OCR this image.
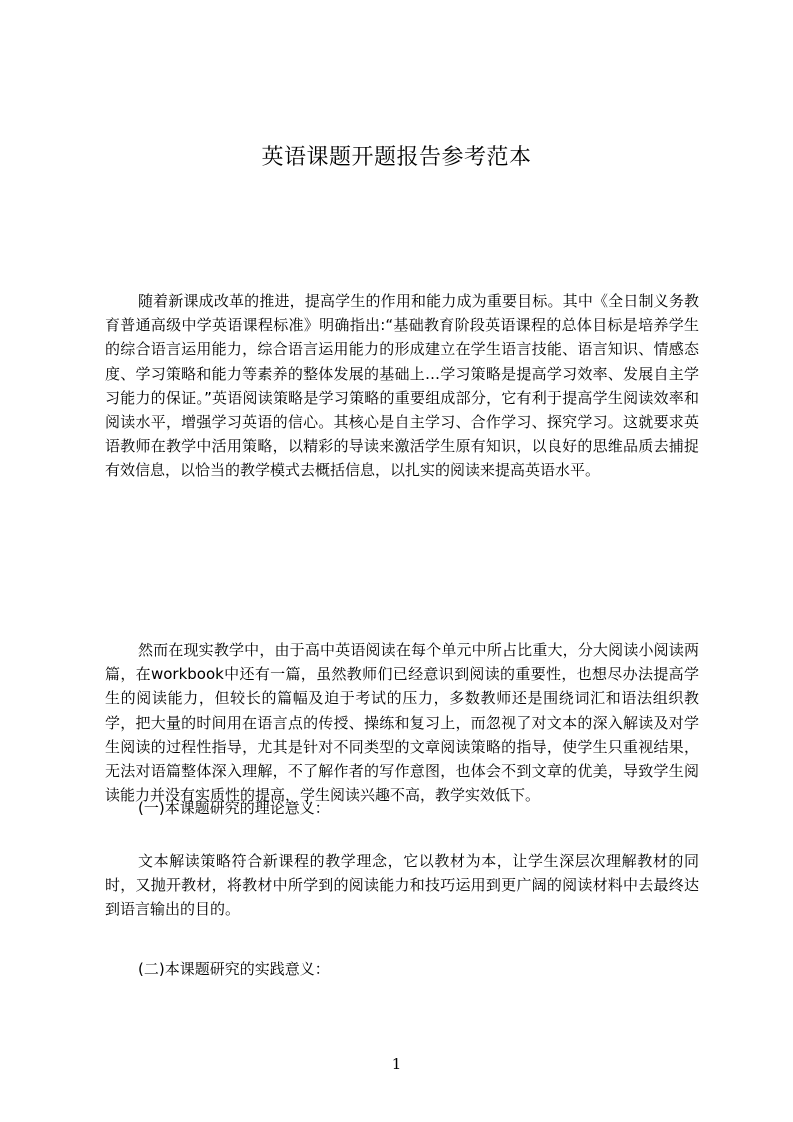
英语课题开题报告参考范本

随着新课成改革的推进，提高学生的作用和能力成为重要目标。其中《全日制义务教育普通高级中学英语课程标准》明确指出:“基础教育阶段英语课程的总体目标是培养学生的综合语言运用能力，综合语言运用能力的形成建立在学生语言技能、语言知识、情感态度、学习策略和能力等素养的整体发展的基础上…学习策略是提高学习效率、发展自主学习能力的保证。”英语阅读策略是学习策略的重要组成部分，它有利于提高学生阅读效率和阅读水平，增强学习英语的信心。其核心是自主学习、合作学习、探究学习。这就要求英语教师在教学中活用策略，以精彩的导读来激活学生原有知识，以良好的思维品质去捕捉有效信息，以恰当的教学模式去概括信息，以扎实的阅读来提高英语水平。

然而在现实教学中，由于高中英语阅读在每个单元中所占比重大，分大阅读小阅读两篇，在workbook中还有一篇，虽然教师们已经意识到阅读的重要性，也想尽办法提高学生的阅读能力，但较长的篇幅及迫于考试的压力，多数教师还是围绕词汇和语法组织教学，把大量的时间用在语言点的传授、操练和复习上，而忽视了对文本的深入解读及对学生阅读的过程性指导，尤其是针对不同类型的文章阅读策略的指导，使学生只重视结果，无法对语篇整体深入理解，不了解作者的写作意图，也体会不到文章的优美，导致学生阅读能力并没有实质性的提高，学生阅读兴趣不高，教学实效低下。

(一)本课题研究的理论意义：

文本解读策略符合新课程的教学理念，它以教材为本，让学生深层次理解教材的同时，又抛开教材，将教材中所学到的阅读能力和技巧运用到更广阔的阅读材料中去最终达到语言输出的目的。

(二)本课题研究的实践意义：
1
